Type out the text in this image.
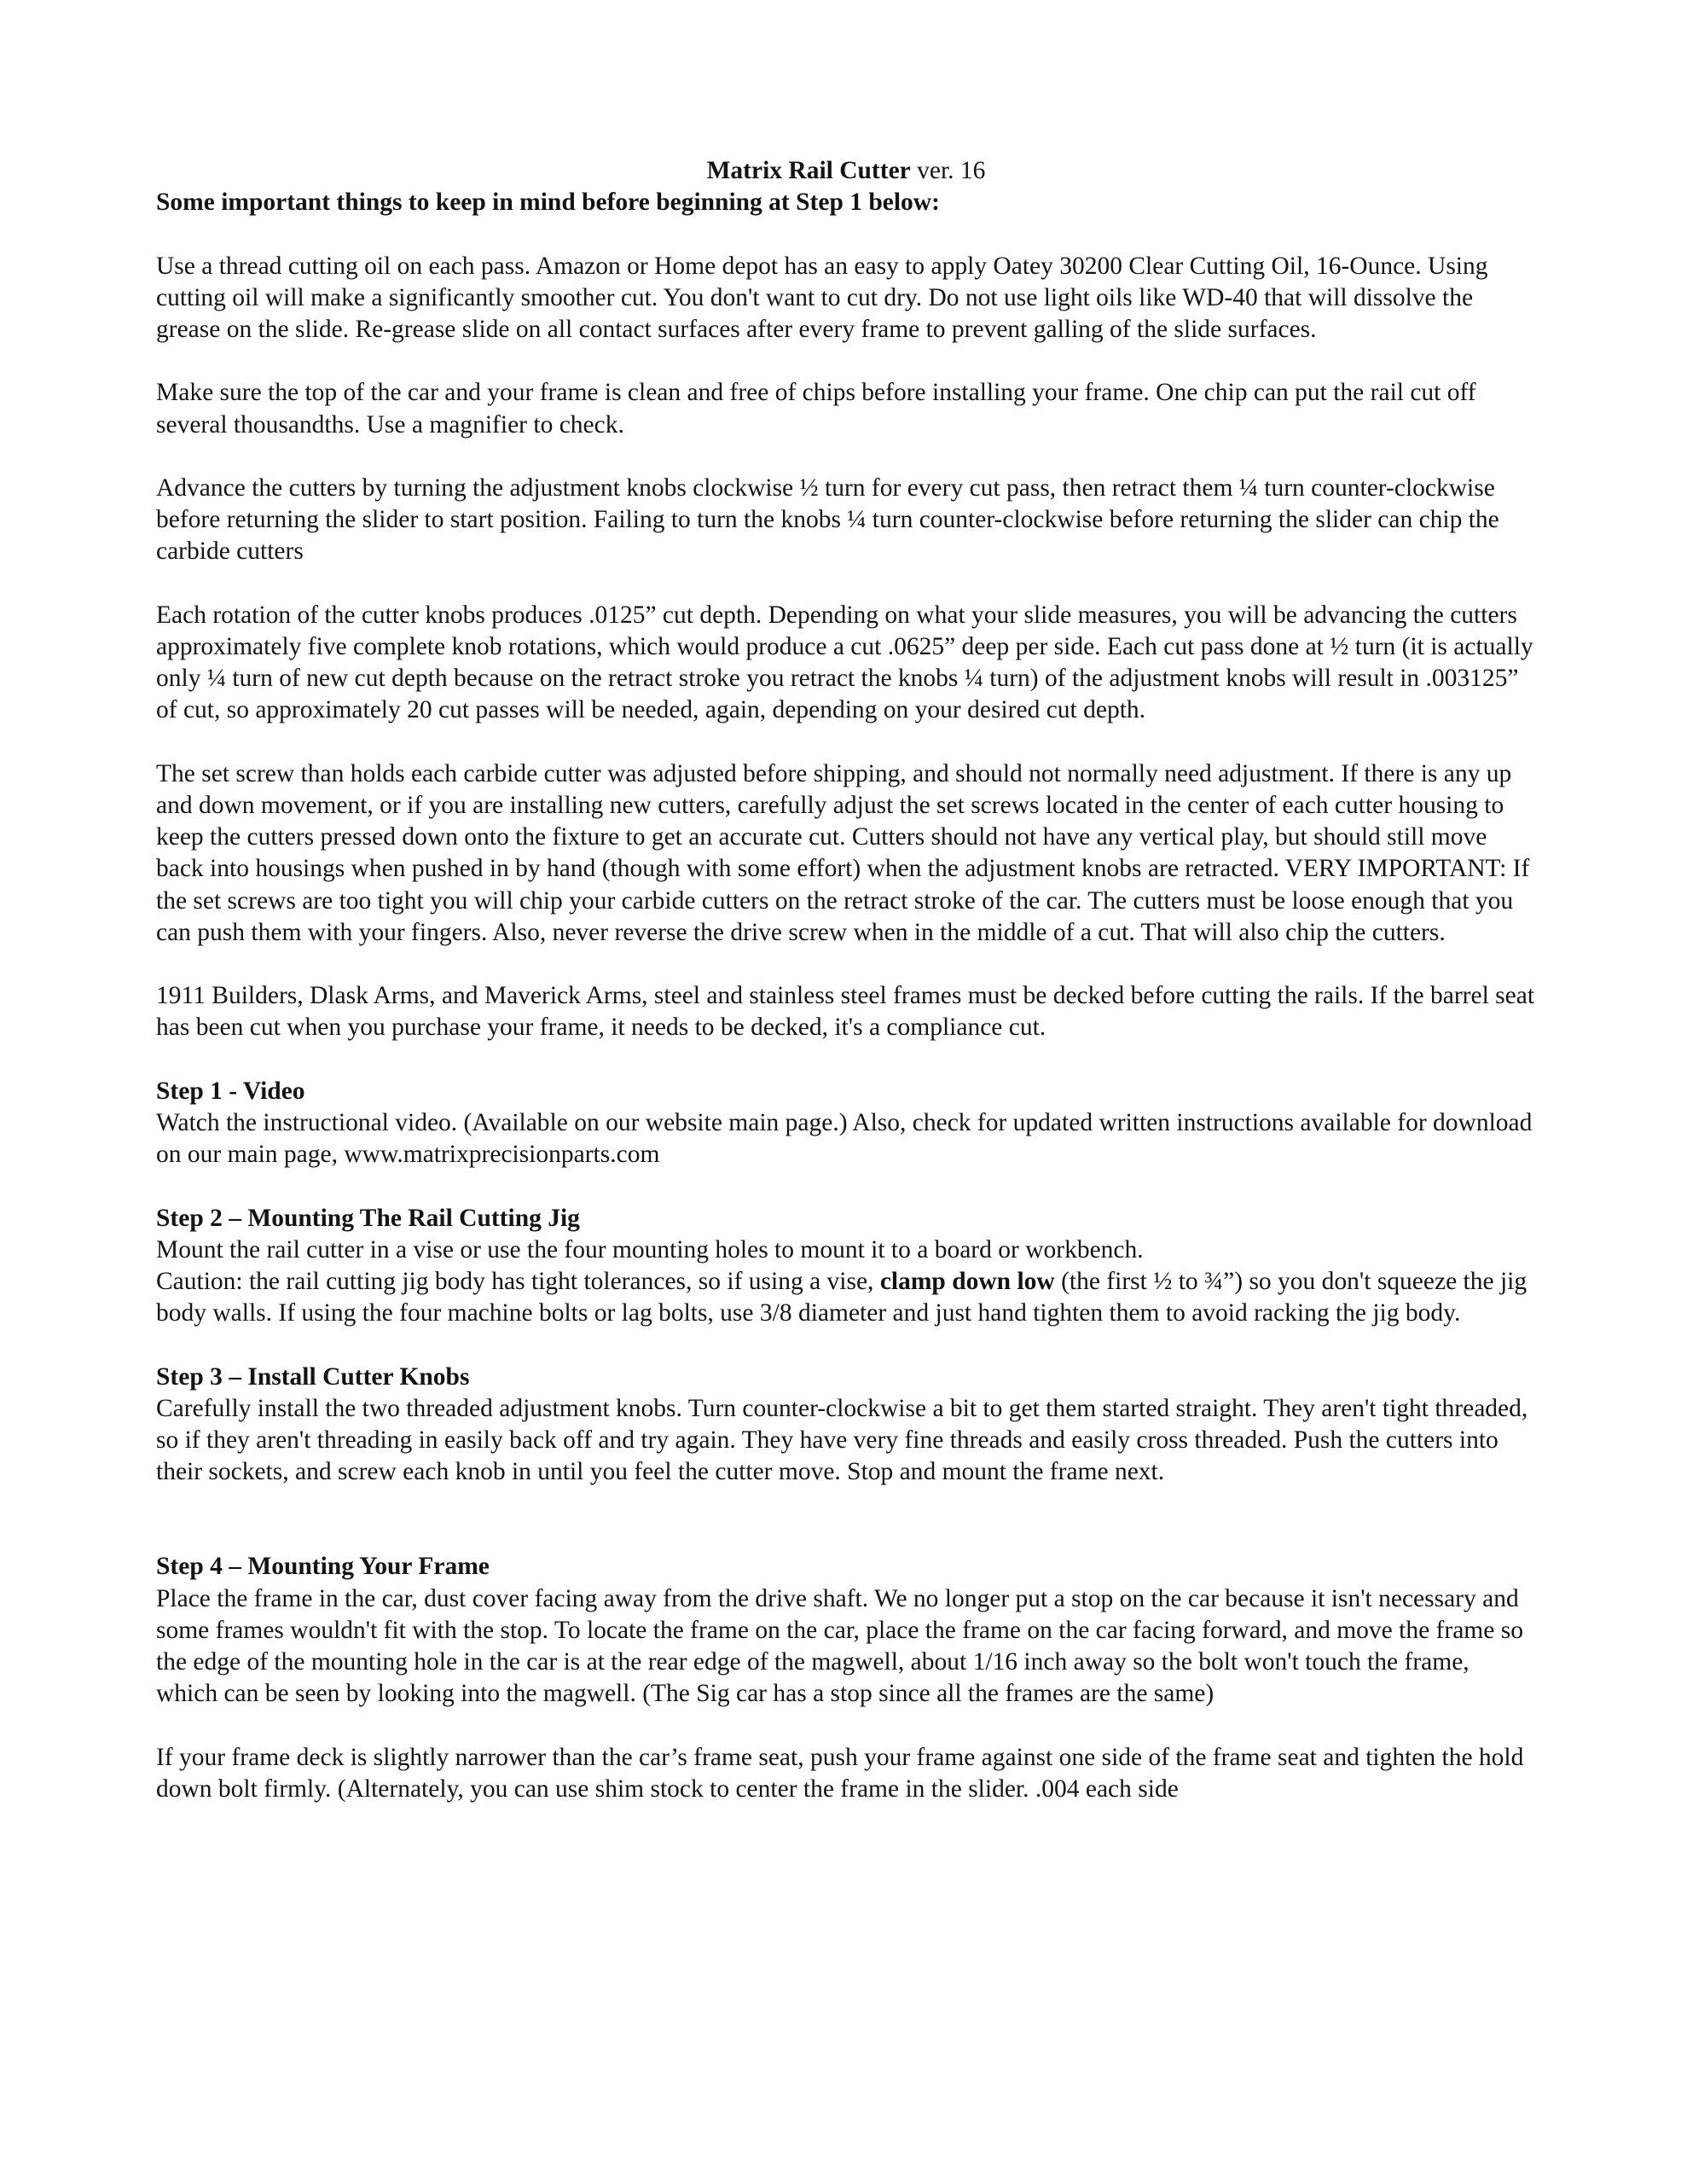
Matrix Rail Cutter ver. 16

Some important things to keep in mind before beginning at Step 1 below:

Use a thread cutting oil on each pass. Amazon or Home depot has an easy to apply Oatey 30200 Clear Cutting Oil, 16-Ounce. Using cutting oil will make a significantly smoother cut. You don't want to cut dry. Do not use light oils like WD-40 that will dissolve the grease on the slide. Re-grease slide on all contact surfaces after every frame to prevent galling of the slide surfaces.

Make sure the top of the car and your frame is clean and free of chips before installing your frame. One chip can put the rail cut off several thousandths. Use a magnifier to check.

Advance the cutters by turning the adjustment knobs clockwise ½ turn for every cut pass, then retract them ¼ turn counter-clockwise before returning the slider to start position. Failing to turn the knobs ¼ turn counter-clockwise before returning the slider can chip the carbide cutters

Each rotation of the cutter knobs produces .0125” cut depth. Depending on what your slide measures, you will be advancing the cutters approximately five complete knob rotations, which would produce a cut .0625” deep per side. Each cut pass done at ½ turn (it is actually only ¼ turn of new cut depth because on the retract stroke you retract the knobs ¼ turn) of the adjustment knobs will result in .003125” of cut, so approximately 20 cut passes will be needed, again, depending on your desired cut depth.

The set screw than holds each carbide cutter was adjusted before shipping, and should not normally need adjustment. If there is any up and down movement, or if you are installing new cutters, carefully adjust the set screws located in the center of each cutter housing to keep the cutters pressed down onto the fixture to get an accurate cut. Cutters should not have any vertical play, but should still move back into housings when pushed in by hand (though with some effort) when the adjustment knobs are retracted. VERY IMPORTANT: If the set screws are too tight you will chip your carbide cutters on the retract stroke of the car. The cutters must be loose enough that you can push them with your fingers. Also, never reverse the drive screw when in the middle of a cut. That will also chip the cutters.

1911 Builders, Dlask Arms, and Maverick Arms, steel and stainless steel frames must be decked before cutting the rails. If the barrel seat has been cut when you purchase your frame, it needs to be decked, it's a compliance cut.

Step 1 - Video

Watch the instructional video. (Available on our website main page.) Also, check for updated written instructions available for download on our main page, www.matrixprecisionparts.com

Step 2 – Mounting The Rail Cutting Jig

Mount the rail cutter in a vise or use the four mounting holes to mount it to a board or workbench.

Caution: the rail cutting jig body has tight tolerances, so if using a vise, clamp down low (the first ½ to ¾”) so you don't squeeze the jig body walls. If using the four machine bolts or lag bolts, use 3/8 diameter and just hand tighten them to avoid racking the jig body.

Step 3 – Install Cutter Knobs

Carefully install the two threaded adjustment knobs. Turn counter-clockwise a bit to get them started straight. They aren't tight threaded, so if they aren't threading in easily back off and try again. They have very fine threads and easily cross threaded. Push the cutters into their sockets, and screw each knob in until you feel the cutter move. Stop and mount the frame next.

Step 4 – Mounting Your Frame

Place the frame in the car, dust cover facing away from the drive shaft. We no longer put a stop on the car because it isn't necessary and some frames wouldn't fit with the stop. To locate the frame on the car, place the frame on the car facing forward, and move the frame so the edge of the mounting hole in the car is at the rear edge of the magwell, about 1/16 inch away so the bolt won't touch the frame, which can be seen by looking into the magwell. (The Sig car has a stop since all the frames are the same)

If your frame deck is slightly narrower than the car’s frame seat, push your frame against one side of the frame seat and tighten the hold down bolt firmly. (Alternately, you can use shim stock to center the frame in the slider. .004 each side
